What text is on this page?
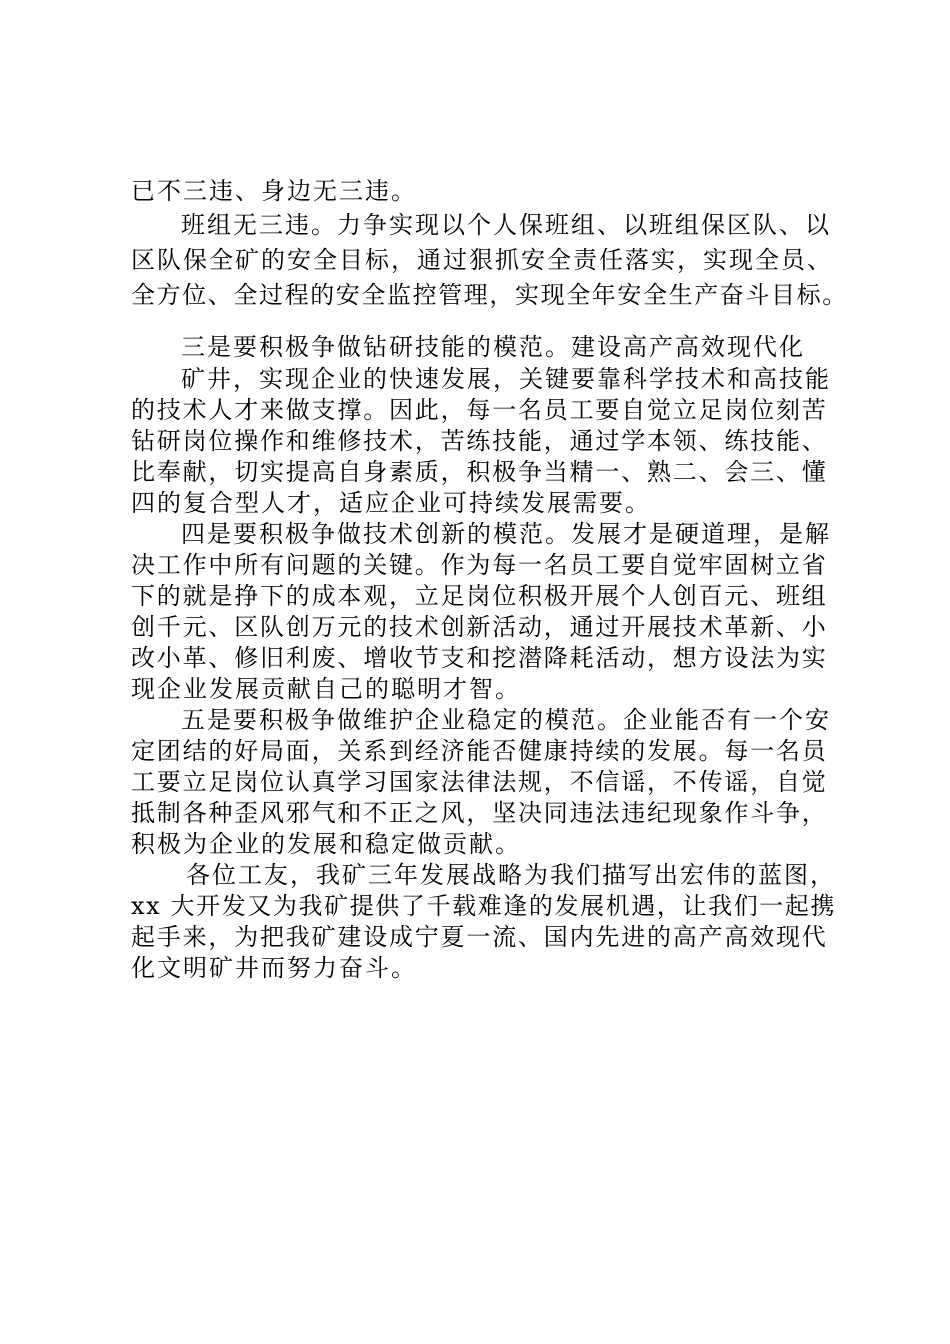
已不三违、身边无三违。
班组无三违。力争实现以个人保班组、以班组保区队、以
区队保全矿的安全目标，通过狠抓安全责任落实，实现全员、
全方位、全过程的安全监控管理，实现全年安全生产奋斗目标。
三是要积极争做钻研技能的模范。建设高产高效现代化
矿井，实现企业的快速发展，关键要靠科学技术和高技能
的技术人才来做支撑。因此，每一名员工要自觉立足岗位刻苦
钻研岗位操作和维修技术，苦练技能，通过学本领、练技能、
比奉献，切实提高自身素质，积极争当精一、熟二、会三、懂
四的复合型人才，适应企业可持续发展需要。
四是要积极争做技术创新的模范。发展才是硬道理，是解
决工作中所有问题的关键。作为每一名员工要自觉牢固树立省
下的就是挣下的成本观，立足岗位积极开展个人创百元、班组
创千元、区队创万元的技术创新活动，通过开展技术革新、小
改小革、修旧利废、增收节支和挖潜降耗活动，想方设法为实
现企业发展贡献自己的聪明才智。
五是要积极争做维护企业稳定的模范。企业能否有一个安
定团结的好局面，关系到经济能否健康持续的发展。每一名员
工要立足岗位认真学习国家法律法规，不信谣，不传谣，自觉
抵制各种歪风邪气和不正之风，坚决同违法违纪现象作斗争，
积极为企业的发展和稳定做贡献。
各位工友，我矿三年发展战略为我们描写出宏伟的蓝图，
xx 大开发又为我矿提供了千载难逢的发展机遇，让我们一起携
起手来，为把我矿建设成宁夏一流、国内先进的高产高效现代
化文明矿井而努力奋斗。
